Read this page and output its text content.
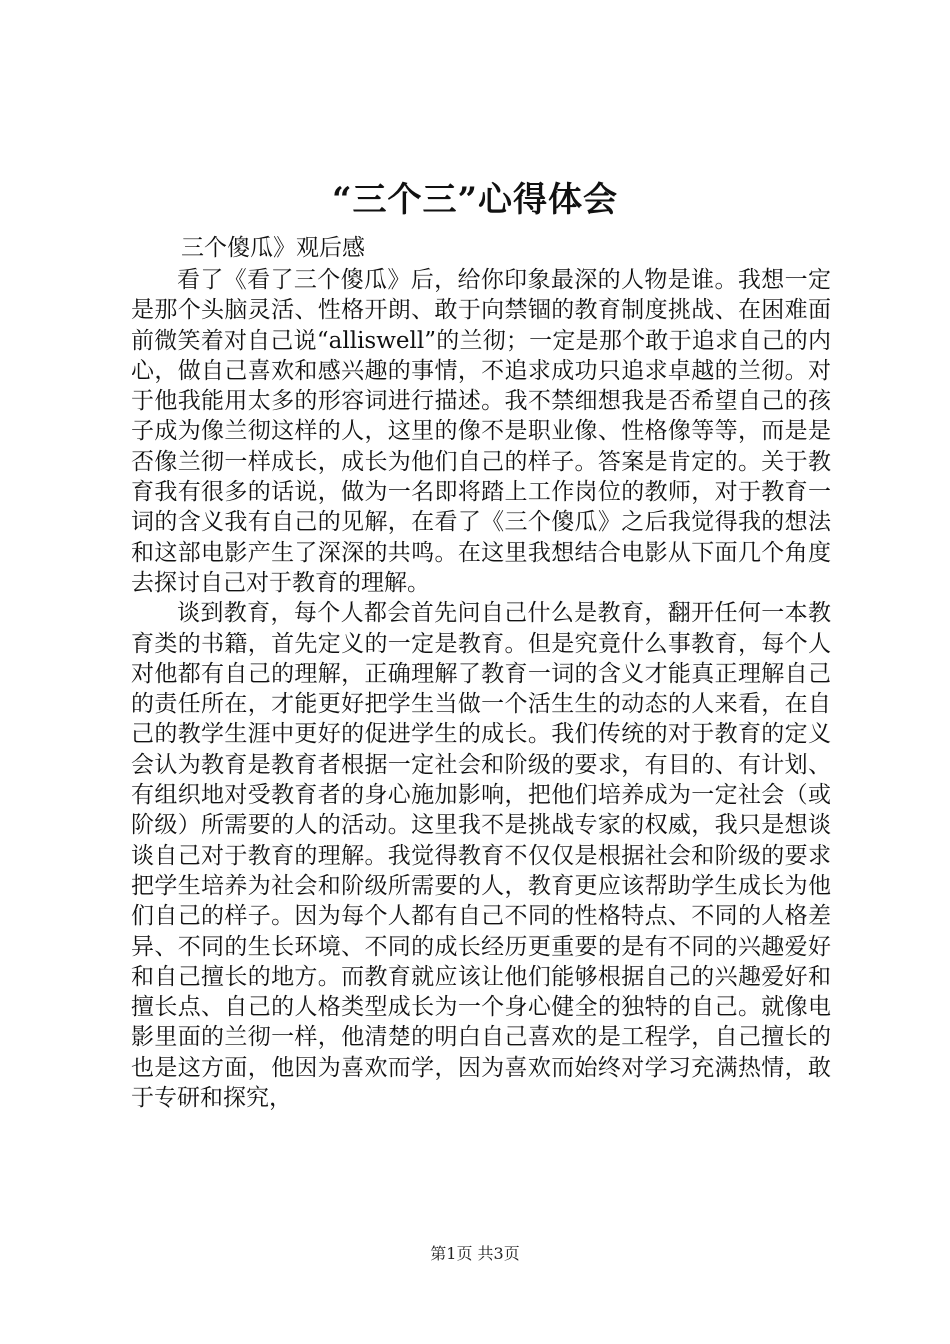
“三个三”心得体会
三个傻瓜》观后感

看了《看了三个傻瓜》后，给你印象最深的人物是谁。我想一定是那个头脑灵活、性格开朗、敢于向禁锢的教育制度挑战、在困难面前微笑着对自己说“alliswell”的兰彻；一定是那个敢于追求自己的内心，做自己喜欢和感兴趣的事情，不追求成功只追求卓越的兰彻。对于他我能用太多的形容词进行描述。我不禁细想我是否希望自己的孩子成为像兰彻这样的人，这里的像不是职业像、性格像等等，而是是否像兰彻一样成长，成长为他们自己的样子。答案是肯定的。关于教育我有很多的话说，做为一名即将踏上工作岗位的教师，对于教育一词的含义我有自己的见解，在看了《三个傻瓜》之后我觉得我的想法和这部电影产生了深深的共鸣。在这里我想结合电影从下面几个角度去探讨自己对于教育的理解。

谈到教育，每个人都会首先问自己什么是教育，翻开任何一本教育类的书籍，首先定义的一定是教育。但是究竟什么事教育，每个人对他都有自己的理解，正确理解了教育一词的含义才能真正理解自己的责任所在，才能更好把学生当做一个活生生的动态的人来看，在自己的教学生涯中更好的促进学生的成长。我们传统的对于教育的定义会认为教育是教育者根据一定社会和阶级的要求，有目的、有计划、有组织地对受教育者的身心施加影响，把他们培养成为一定社会（或阶级）所需要的人的活动。这里我不是挑战专家的权威，我只是想谈谈自己对于教育的理解。我觉得教育不仅仅是根据社会和阶级的要求把学生培养为社会和阶级所需要的人，教育更应该帮助学生成长为他们自己的样子。因为每个人都有自己不同的性格特点、不同的人格差异、不同的生长环境、不同的成长经历更重要的是有不同的兴趣爱好和自己擅长的地方。而教育就应该让他们能够根据自己的兴趣爱好和擅长点、自己的人格类型成长为一个身心健全的独特的自己。就像电影里面的兰彻一样，他清楚的明白自己喜欢的是工程学，自己擅长的也是这方面，他因为喜欢而学，因为喜欢而始终对学习充满热情，敢于专研和探究，

第1页 共3页
